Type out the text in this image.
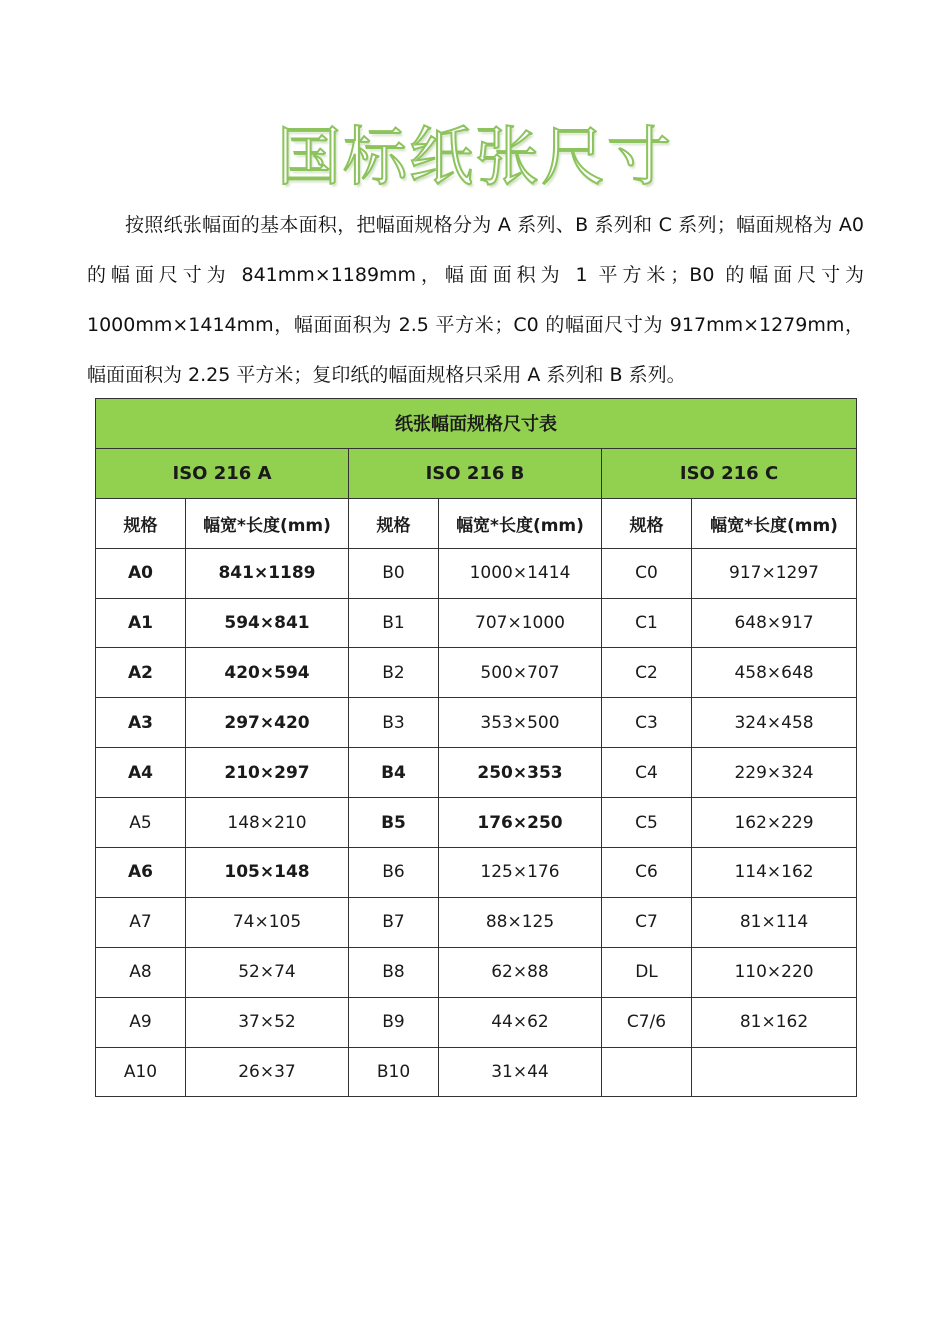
国标纸张尺寸

按照纸张幅面的基本面积，把幅面规格分为 A 系列、B 系列和 C 系列；幅面规格为 A0 的幅面尺寸为 841mm×1189mm，幅面面积为 1 平方米；B0 的幅面尺寸为 1000mm×1414mm，幅面面积为 2.5 平方米；C0 的幅面尺寸为 917mm×1279mm，幅面面积为 2.25 平方米；复印纸的幅面规格只采用 A 系列和 B 系列。

纸张幅面规格尺寸表					
ISO 216 A		ISO 216 B		ISO 216 C	
规格	幅宽*长度(mm)	规格	幅宽*长度(mm)	规格	幅宽*长度(mm)
A0	841×1189	B0	1000×1414	C0	917×1297
A1	594×841	B1	707×1000	C1	648×917
A2	420×594	B2	500×707	C2	458×648
A3	297×420	B3	353×500	C3	324×458
A4	210×297	B4	250×353	C4	229×324
A5	148×210	B5	176×250	C5	162×229
A6	105×148	B6	125×176	C6	114×162
A7	74×105	B7	88×125	C7	81×114
A8	52×74	B8	62×88	DL	110×220
A9	37×52	B9	44×62	C7/6	81×162
A10	26×37	B10	31×44		
